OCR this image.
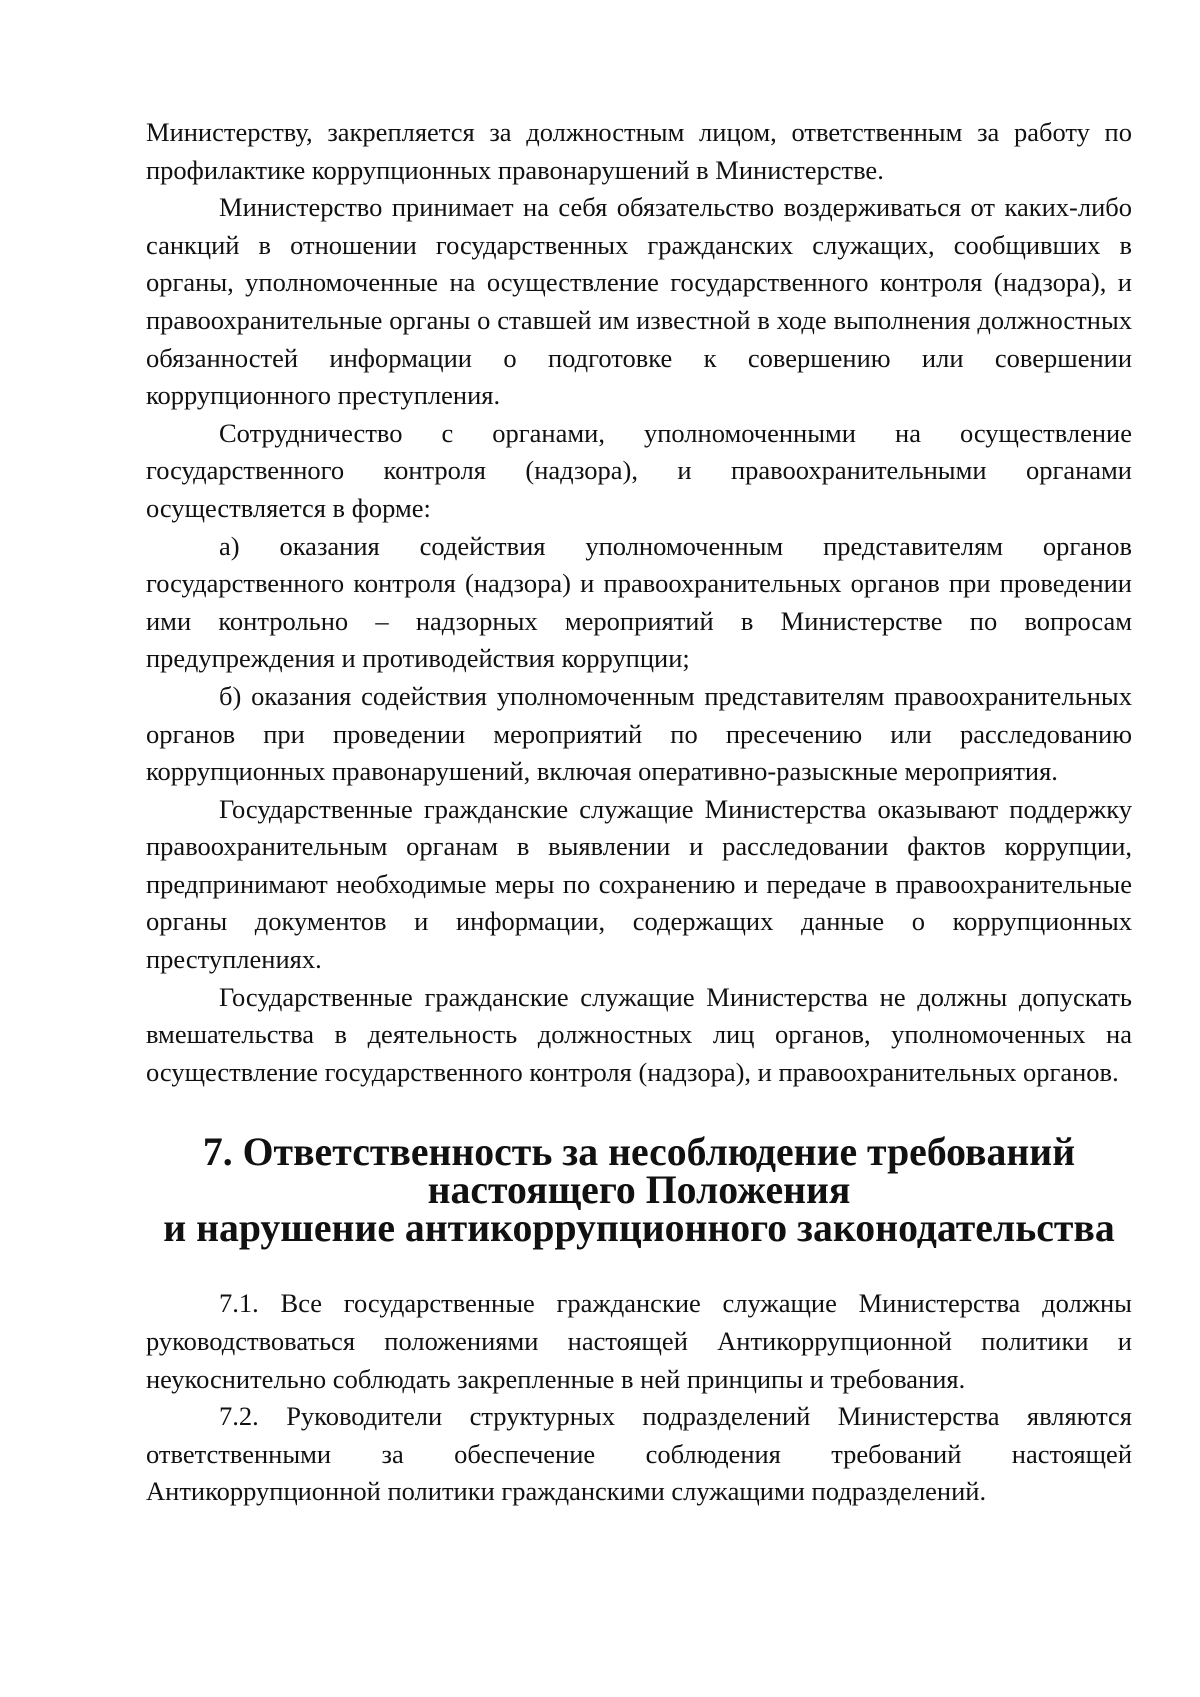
Министерству, закрепляется за должностным лицом, ответственным за работу по профилактике коррупционных правонарушений в Министерстве.

Министерство принимает на себя обязательство воздерживаться от каких-либо санкций в отношении государственных гражданских служащих, сообщивших в органы, уполномоченные на осуществление государственного контроля (надзора), и правоохранительные органы о ставшей им известной в ходе выполнения должностных обязанностей информации о подготовке к совершению или совершении коррупционного преступления.

Сотрудничество с органами, уполномоченными на осуществление государственного контроля (надзора), и правоохранительными органами осуществляется в форме:

а) оказания содействия уполномоченным представителям органов государственного контроля (надзора) и правоохранительных органов при проведении ими контрольно – надзорных мероприятий в Министерстве по вопросам предупреждения и противодействия коррупции;

б) оказания содействия уполномоченным представителям правоохранительных органов при проведении мероприятий по пресечению или расследованию коррупционных правонарушений, включая оперативно-разыскные мероприятия.

Государственные гражданские служащие Министерства оказывают поддержку правоохранительным органам в выявлении и расследовании фактов коррупции, предпринимают необходимые меры по сохранению и передаче в правоохранительные органы документов и информации, содержащих данные о коррупционных преступлениях.

Государственные гражданские служащие Министерства не должны допускать вмешательства в деятельность должностных лиц органов, уполномоченных на осуществление государственного контроля (надзора), и правоохранительных органов.

7. Ответственность за несоблюдение требований настоящего Положения
и нарушение антикоррупционного законодательства

7.1. Все государственные гражданские служащие Министерства должны руководствоваться положениями настоящей Антикоррупционной политики и неукоснительно соблюдать закрепленные в ней принципы и требования.

7.2. Руководители структурных подразделений Министерства являются ответственными за обеспечение соблюдения требований настоящей Антикоррупционной политики гражданскими служащими подразделений.
